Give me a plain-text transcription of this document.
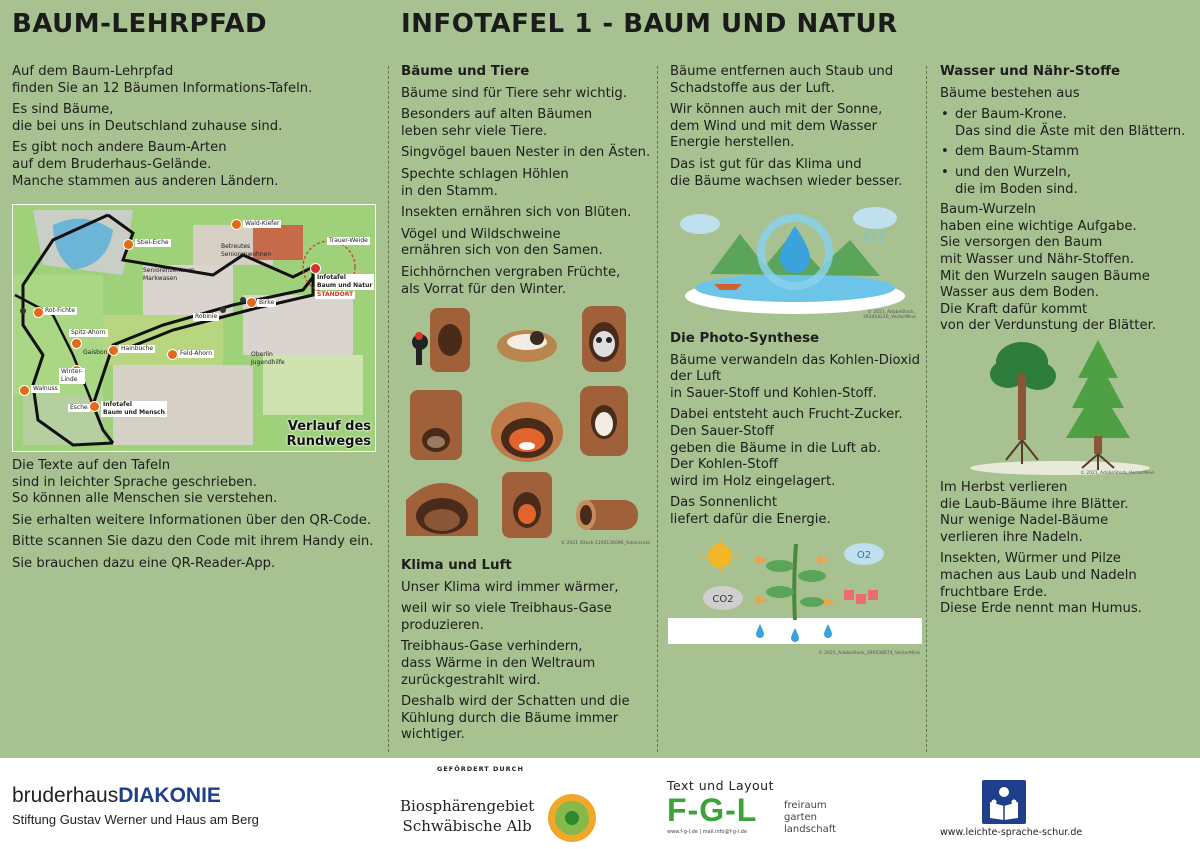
BAUM-LEHRPFAD	INFOTAFEL 1 - BAUM UND NATUR

Auf dem Baum-Lehrpfad
finden Sie an 12 Bäumen Informations-Tafeln.

Es sind Bäume,
die bei uns in Deutschland zuhause sind.

Es gibt noch andere Baum-Arten
auf dem Bruderhaus-Gelände.
Manche stammen aus anderen Ländern.

Wald-Kiefer
Stiel-Eiche
Betreutes
Seniorenwohnen
Trauer-Weide
Seniorenzentrum
Markwasen	Infotafel
Baum und Natur
STANDORT
Rot-Fichte
Birke
Robinie
Spitz-Ahorn
Gaisbon
Hainbuche
Feld-Ahorn	Oberlin
Jugendhilfe
Winter-
Linde
Walnuss
Esche	Infotafel
Baum und Mensch
Verlauf des
Rundweges

Die Texte auf den Tafeln
sind in leichter Sprache geschrieben.
So können alle Menschen sie verstehen.

Sie erhalten weitere Informationen über den QR-Code.

Bitte scannen Sie dazu den Code mit ihrem Handy ein.

Sie brauchen dazu eine QR-Reader-App.

Bäume und Tiere

Bäume sind für Tiere sehr wichtig.

Besonders auf alten Bäumen
leben sehr viele Tiere.

Singvögel bauen Nester in den Ästen.

Spechte schlagen Höhlen
in den Stamm.

Insekten ernähren sich von Blüten.

Vögel und Wildschweine
ernähren sich von den Samen.

Eichhörnchen vergraben Früchte,
als Vorrat für den Winter.

© 2021 iStock-1190136096_Yulianiceta
Klima und Luft

Unser Klima wird immer wärmer,

weil wir so viele Treibhaus-Gase
produzieren.

Treibhaus-Gase verhindern,
dass Wärme in den Weltraum
zurückgestrahlt wird.

Deshalb wird der Schatten und die
Kühlung durch die Bäume immer
wichtiger.

Bäume entfernen auch Staub und
Schadstoffe aus der Luft.

Wir können auch mit der Sonne,
dem Wind und mit dem Wasser
Energie herstellen.

Das ist gut für das Klima und
die Bäume wachsen wieder besser.

© 2021_AdobeStock_
393454210_VectorMine
Die Photo-Synthese

Bäume verwandeln das Kohlen-Dioxid
der Luft
in Sauer-Stoff und Kohlen-Stoff.

Dabei entsteht auch Frucht-Zucker.
Den Sauer-Stoff
geben die Bäume in die Luft ab.
Der Kohlen-Stoff
wird im Holz eingelagert.

Das Sonnenlicht
liefert dafür die Energie.

O2
CO2
© 2021_AdobeStock_395038674_VectorMine
Wasser und Nähr-Stoffe

Bäume bestehen aus

• der Baum-Krone.
Das sind die Äste mit den Blättern.
• dem Baum-Stamm
• und den Wurzeln,
die im Boden sind.

Baum-Wurzeln
haben eine wichtige Aufgabe.
Sie versorgen den Baum
mit Wasser und Nähr-Stoffen.
Mit den Wurzeln saugen Bäume
Wasser aus dem Boden.
Die Kraft dafür kommt
von der Verdunstung der Blätter.

© 2021_AdobeStock_VectorMine

Im Herbst verlieren
die Laub-Bäume ihre Blätter.
Nur wenige Nadel-Bäume
verlieren ihre Nadeln.

Insekten, Würmer und Pilze
machen aus Laub und Nadeln
fruchtbare Erde.
Diese Erde nennt man Humus.

bruderhausDIAKONIE
Stiftung Gustav Werner und Haus am Berg
GEFÖRDERT DURCH
Biosphärengebiet
Schwäbische Alb
Text und Layout
F-G-L
www.f-g-l.de | mail.info@f-g-l.de
freiraum
garten
landschaft	www.leichte-sprache-schur.de
